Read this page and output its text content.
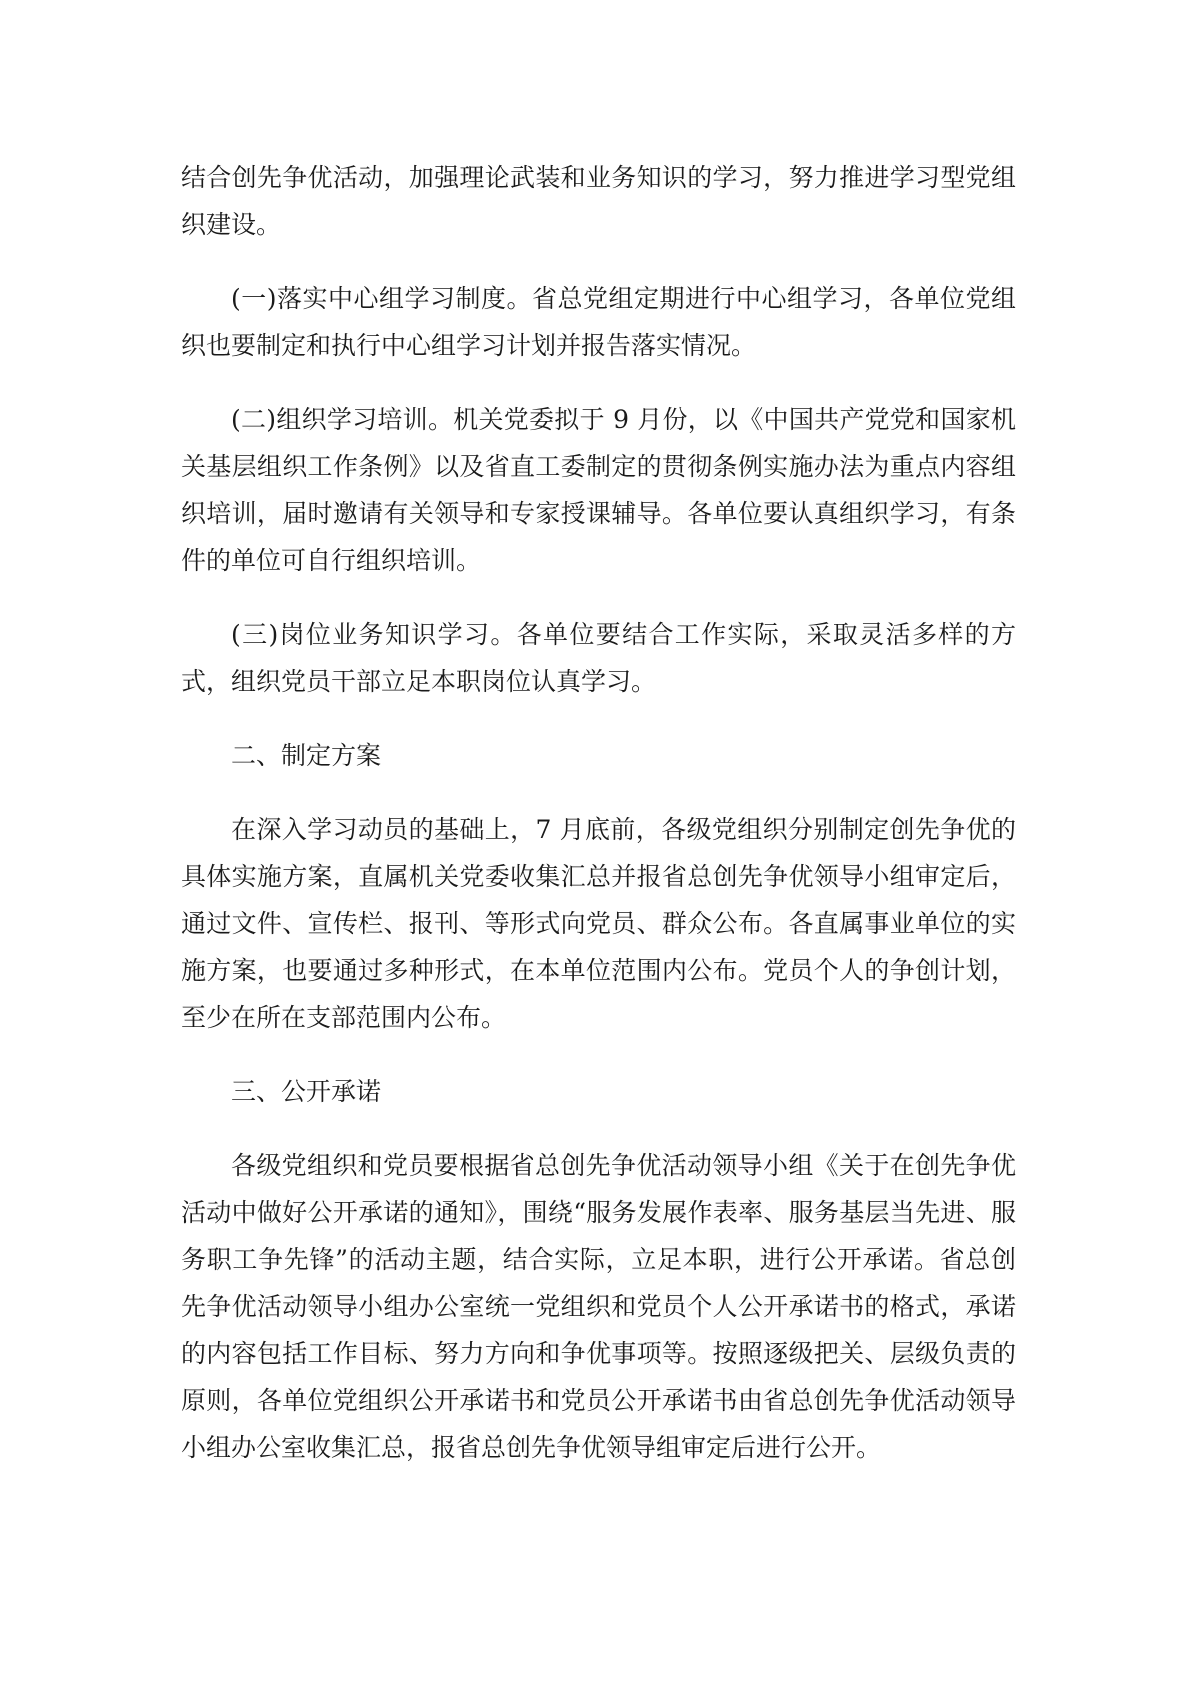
结合创先争优活动，加强理论武装和业务知识的学习，努力推进学习型党组织建设。

(一)落实中心组学习制度。省总党组定期进行中心组学习，各单位党组织也要制定和执行中心组学习计划并报告落实情况。

(二)组织学习培训。机关党委拟于 9 月份，以《中国共产党党和国家机关基层组织工作条例》以及省直工委制定的贯彻条例实施办法为重点内容组织培训，届时邀请有关领导和专家授课辅导。各单位要认真组织学习，有条件的单位可自行组织培训。

(三)岗位业务知识学习。各单位要结合工作实际，采取灵活多样的方式，组织党员干部立足本职岗位认真学习。

二、制定方案

在深入学习动员的基础上，7 月底前，各级党组织分别制定创先争优的具体实施方案，直属机关党委收集汇总并报省总创先争优领导小组审定后，通过文件、宣传栏、报刊、等形式向党员、群众公布。各直属事业单位的实施方案，也要通过多种形式，在本单位范围内公布。党员个人的争创计划，至少在所在支部范围内公布。

三、公开承诺

各级党组织和党员要根据省总创先争优活动领导小组《关于在创先争优活动中做好公开承诺的通知》，围绕“服务发展作表率、服务基层当先进、服务职工争先锋”的活动主题，结合实际，立足本职，进行公开承诺。省总创先争优活动领导小组办公室统一党组织和党员个人公开承诺书的格式，承诺的内容包括工作目标、努力方向和争优事项等。按照逐级把关、层级负责的原则，各单位党组织公开承诺书和党员公开承诺书由省总创先争优活动领导小组办公室收集汇总，报省总创先争优领导组审定后进行公开。
